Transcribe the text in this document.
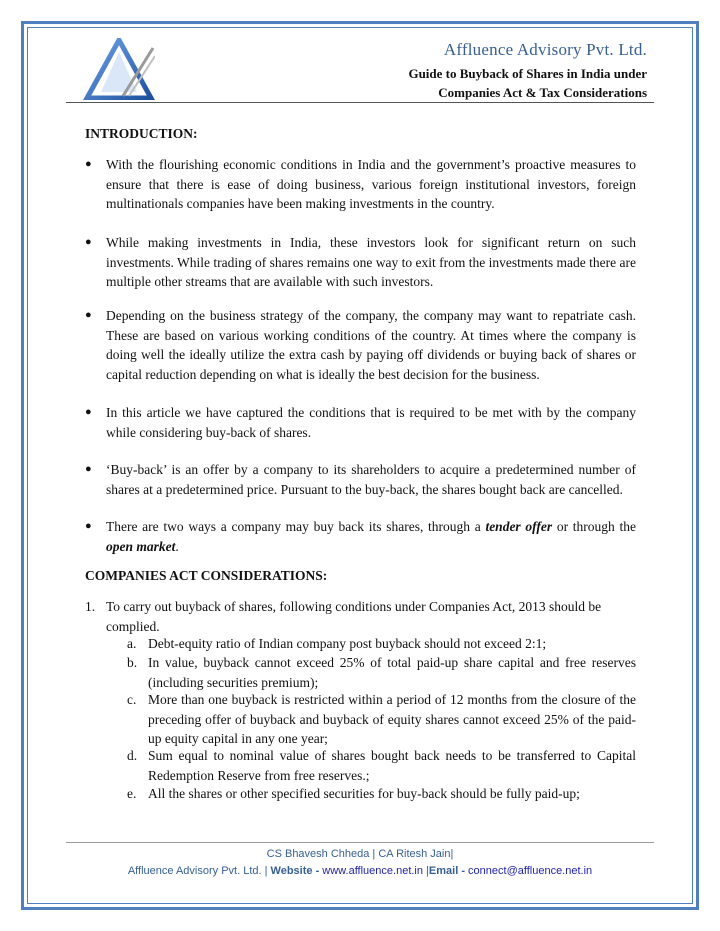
Affluence Advisory Pvt. Ltd.
Guide to Buyback of Shares in India under
Companies Act & Tax Considerations
INTRODUCTION:
● With the flourishing economic conditions in India and the government’s proactive measures to ensure that there is ease of doing business, various foreign institutional investors, foreign multinationals companies have been making investments in the country.
● While making investments in India, these investors look for significant return on such investments. While trading of shares remains one way to exit from the investments made there are multiple other streams that are available with such investors.
● Depending on the business strategy of the company, the company may want to repatriate cash. These are based on various working conditions of the country. At times where the company is doing well the ideally utilize the extra cash by paying off dividends or buying back of shares or capital reduction depending on what is ideally the best decision for the business.
● In this article we have captured the conditions that is required to be met with by the company while considering buy-back of shares.
● ‘Buy-back’ is an offer by a company to its shareholders to acquire a predetermined number of shares at a predetermined price. Pursuant to the buy-back, the shares bought back are cancelled.
● There are two ways a company may buy back its shares, through a tender offer or through the open market.
COMPANIES ACT CONSIDERATIONS:
1. To carry out buyback of shares, following conditions under Companies Act, 2013 should be complied.
a. Debt-equity ratio of Indian company post buyback should not exceed 2:1;
b. In value, buyback cannot exceed 25% of total paid-up share capital and free reserves (including securities premium);
c. More than one buyback is restricted within a period of 12 months from the closure of the preceding offer of buyback and buyback of equity shares cannot exceed 25% of the paid-up equity capital in any one year;
d. Sum equal to nominal value of shares bought back needs to be transferred to Capital Redemption Reserve from free reserves.;
e. All the shares or other specified securities for buy-back should be fully paid-up;
CS Bhavesh Chheda | CA Ritesh Jain|
Affluence Advisory Pvt. Ltd. | Website - www.affluence.net.in |Email - connect@affluence.net.in
